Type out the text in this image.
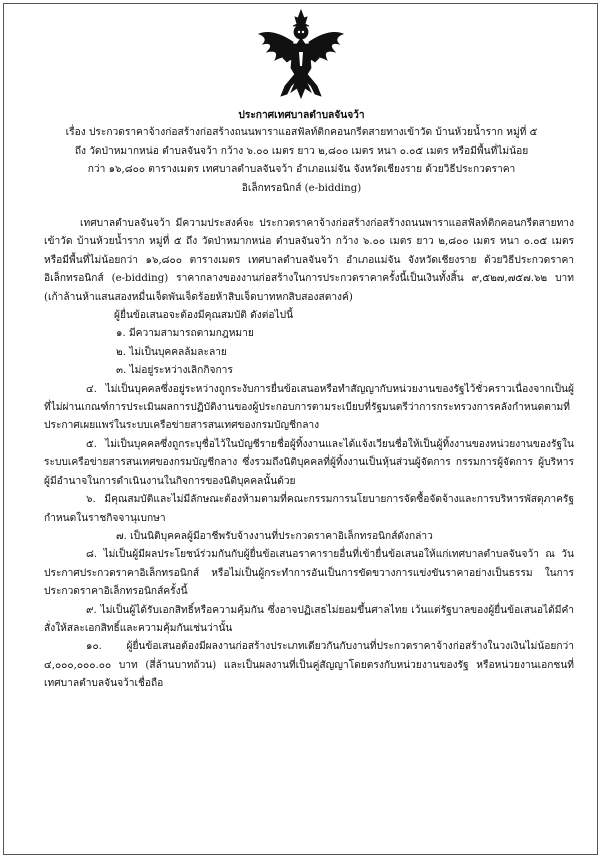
ประกาศเทศบาลตำบลจันจว้า
เรื่อง ประกวดราคาจ้างก่อสร้างก่อสร้างถนนพาราแอสฟัลท์ติกคอนกรีตสายทางเข้าวัด บ้านห้วยน้ำราก หมู่ที่ ๕
ถึง วัดป่าหมากหน่อ ตำบลจันจว้า กว้าง ๖.๐๐ เมตร ยาว ๒,๘๐๐ เมตร หนา ๐.๐๕ เมตร หรือมีพื้นที่ไม่น้อย
กว่า ๑๖,๘๐๐ ตารางเมตร เทศบาลตำบลจันจว้า อำเภอแม่จัน จังหวัดเชียงราย ด้วยวิธีประกวดราคา
อิเล็กทรอนิกส์ (e-bidding)

เทศบาลตำบลจันจว้า มีความประสงค์จะ ประกวดราคาจ้างก่อสร้างก่อสร้างถนนพาราแอสฟัลท์ติกคอนกรีตสายทางเข้าวัด บ้านห้วยน้ำราก หมู่ที่ ๕ ถึง วัดป่าหมากหน่อ ตำบลจันจว้า กว้าง ๖.๐๐ เมตร ยาว ๒,๘๐๐ เมตร หนา ๐.๐๕ เมตร หรือมีพื้นที่ไม่น้อยกว่า ๑๖,๘๐๐ ตารางเมตร เทศบาลตำบลจันจว้า อำเภอแม่จัน จังหวัดเชียงราย ด้วยวิธีประกวดราคาอิเล็กทรอนิกส์ (e-bidding) ราคากลางของงานก่อสร้างในการประกวดราคาครั้งนี้เป็นเงินทั้งสิ้น ๙,๕๒๗,๗๕๗.๖๒ บาท (เก้าล้านห้าแสนสองหมื่นเจ็ดพันเจ็ดร้อยห้าสิบเจ็ดบาทหกสิบสองสตางค์)

ผู้ยื่นข้อเสนอจะต้องมีคุณสมบัติ ดังต่อไปนี้

๑. มีความสามารถตามกฎหมาย

๒. ไม่เป็นบุคคลล้มละลาย

๓. ไม่อยู่ระหว่างเลิกกิจการ

๔. ไม่เป็นบุคคลซึ่งอยู่ระหว่างถูกระงับการยื่นข้อเสนอหรือทำสัญญากับหน่วยงานของรัฐไว้ชั่วคราวเนื่องจากเป็นผู้ที่ไม่ผ่านเกณฑ์การประเมินผลการปฏิบัติงานของผู้ประกอบการตามระเบียบที่รัฐมนตรีว่าการกระทรวงการคลังกำหนดตามที่ประกาศเผยแพร่ในระบบเครือข่ายสารสนเทศของกรมบัญชีกลาง

๕. ไม่เป็นบุคคลซึ่งถูกระบุชื่อไว้ในบัญชีรายชื่อผู้ทิ้งงานและได้แจ้งเวียนชื่อให้เป็นผู้ทิ้งงานของหน่วยงานของรัฐในระบบเครือข่ายสารสนเทศของกรมบัญชีกลาง ซึ่งรวมถึงนิติบุคคลที่ผู้ทิ้งงานเป็นหุ้นส่วนผู้จัดการ กรรมการผู้จัดการ ผู้บริหาร ผู้มีอำนาจในการดำเนินงานในกิจการของนิติบุคคลนั้นด้วย

๖. มีคุณสมบัติและไม่มีลักษณะต้องห้ามตามที่คณะกรรมการนโยบายการจัดซื้อจัดจ้างและการบริหารพัสดุภาครัฐกำหนดในราชกิจจานุเบกษา

๗. เป็นนิติบุคคลผู้มีอาชีพรับจ้างงานที่ประกวดราคาอิเล็กทรอนิกส์ดังกล่าว

๘. ไม่เป็นผู้มีผลประโยชน์ร่วมกันกับผู้ยื่นข้อเสนอราคารายอื่นที่เข้ายื่นข้อเสนอให้แก่เทศบาลตำบลจันจว้า ณ วันประกาศประกวดราคาอิเล็กทรอนิกส์ หรือไม่เป็นผู้กระทำการอันเป็นการขัดขวางการแข่งขันราคาอย่างเป็นธรรม ในการประกวดราคาอิเล็กทรอนิกส์ครั้งนี้

๙. ไม่เป็นผู้ได้รับเอกสิทธิ์หรือความคุ้มกัน ซึ่งอาจปฏิเสธไม่ยอมขึ้นศาลไทย เว้นแต่รัฐบาลของผู้ยื่นข้อเสนอได้มีคำสั่งให้สละเอกสิทธิ์และความคุ้มกันเช่นว่านั้น

๑๐. ผู้ยื่นข้อเสนอต้องมีผลงานก่อสร้างประเภทเดียวกันกับงานที่ประกวดราคาจ้างก่อสร้างในวงเงินไม่น้อยกว่า ๔,๐๐๐,๐๐๐.๐๐ บาท (สี่ล้านบาทถ้วน) และเป็นผลงานที่เป็นคู่สัญญาโดยตรงกับหน่วยงานของรัฐ หรือหน่วยงานเอกชนที่เทศบาลตำบลจันจว้าเชื่อถือ
